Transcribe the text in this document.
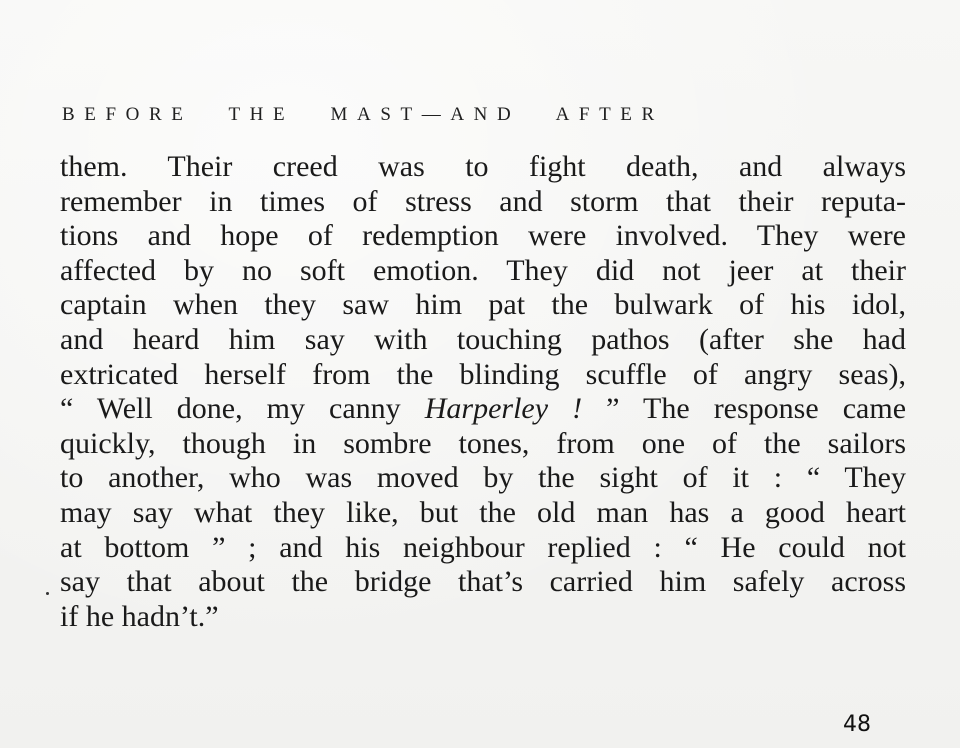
BEFORE THE MAST—AND AFTER
them. Their creed was to fight death, and always
remember in times of stress and storm that their reputa-
tions and hope of redemption were involved. They were
affected by no soft emotion. They did not jeer at their
captain when they saw him pat the bulwark of his idol,
and heard him say with touching pathos (after she had
extricated herself from the blinding scuffle of angry seas),
“ Well done, my canny Harperley ! ” The response came
quickly, though in sombre tones, from one of the sailors
to another, who was moved by the sight of it : “ They
may say what they like, but the old man has a good heart
at bottom ” ; and his neighbour replied : “ He could not
say that about the bridge that’s carried him safely across
if he hadn’t.”
48
